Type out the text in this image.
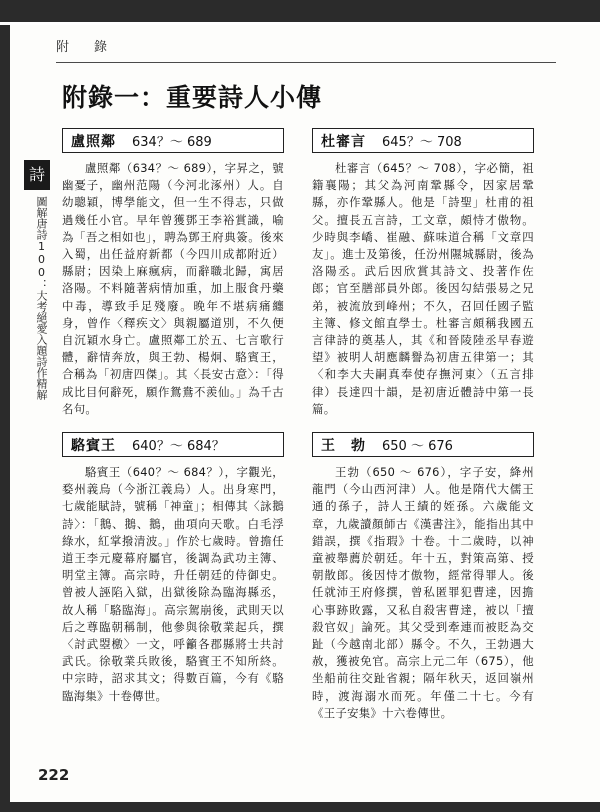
附　錄
附錄一：重要詩人小傳
詩
圖解唐詩100：大考絕愛入題詩作精解
盧照鄰 634？～ 689
盧照鄰（634？～ 689），字昇之，號幽憂子，幽州范陽（今河北涿州）人。自幼聰穎，博學能文，但一生不得志，只做過幾任小官。早年曾獲鄧王李裕賞識，喻為「吾之相如也」，聘為鄧王府典簽。後來入蜀，出任益府新都（今四川成都附近）縣尉；因染上麻瘋病，而辭職北歸，寓居洛陽。不料隨著病情加重，加上服食丹藥中毒，導致手足殘廢。晚年不堪病痛纏身，曾作〈釋疾文〉與親屬道別，不久便自沉穎水身亡。盧照鄰工於五、七言歌行體，辭情奔放，與王勃、楊炯、駱賓王，合稱為「初唐四傑」。其〈長安古意〉：「得成比目何辭死，願作鴛鴦不羨仙。」為千古名句。
駱賓王 640？～ 684？
駱賓王（640？～ 684？），字觀光，婺州義烏（今浙江義烏）人。出身寒門，七歲能賦詩，號稱「神童」；相傳其〈詠鵝詩〉：「鵝、鵝、鵝，曲項向天歌。白毛浮綠水，紅掌撥清波。」作於七歲時。曾擔任道王李元慶幕府屬官，後調為武功主簿、明堂主簿。高宗時，升任朝廷的侍御史。曾被人誣陷入獄，出獄後除為臨海縣丞，故人稱「駱臨海」。高宗駕崩後，武則天以后之尊臨朝稱制，他參與徐敬業起兵，撰〈討武曌檄〉一文，呼籲各郡縣將士共討武氏。徐敬業兵敗後，駱賓王不知所終。中宗時，詔求其文；得數百篇，今有《駱臨海集》十卷傳世。
杜審言 645？～ 708
杜審言（645？～ 708），字必簡，祖籍襄陽；其父為河南鞏縣令，因家居鞏縣，亦作鞏縣人。他是「詩聖」杜甫的祖父。擅長五言詩，工文章，頗恃才傲物。少時與李嶠、崔融、蘇味道合稱「文章四友」。進士及第後，任汾州隰城縣尉，後為洛陽丞。武后因欣賞其詩文、投著作佐郎；官至膳部員外郎。後因勾結張易之兄弟，被流放到峰州；不久，召回任國子監主簿、修文館直學士。杜審言頗稱我國五言律詩的奠基人，其《和晉陵陸丞早春遊望》被明人胡應麟譽為初唐五律第一；其〈和李大夫嗣真奉使存撫河東〉（五言排律）長達四十韻，是初唐近體詩中第一長篇。
王　勃 650 ～ 676
王勃（650 ～ 676），字子安，絳州龍門（今山西河津）人。他是隋代大儒王通的孫子，詩人王績的姪孫。六歲能文章，九歲讀顏師古《漢書注》，能指出其中錯誤，撰《指瑕》十卷。十二歲時，以神童被舉薦於朝廷。年十五，對策高第、授朝散郎。後因恃才傲物，經常得罪人。後任就沛王府修撰，曾私匿罪犯曹達，因擔心事跡敗露，又私自殺害曹達，被以「擅殺官奴」論死。其父受到牽連而被貶為交趾（今越南北部）縣令。不久，王勃遇大赦，獲被免官。高宗上元二年（675），他坐船前往交趾省親；隔年秋天，返回嶺州時，渡海溺水而死。年僅二十七。今有《王子安集》十六卷傳世。
222
